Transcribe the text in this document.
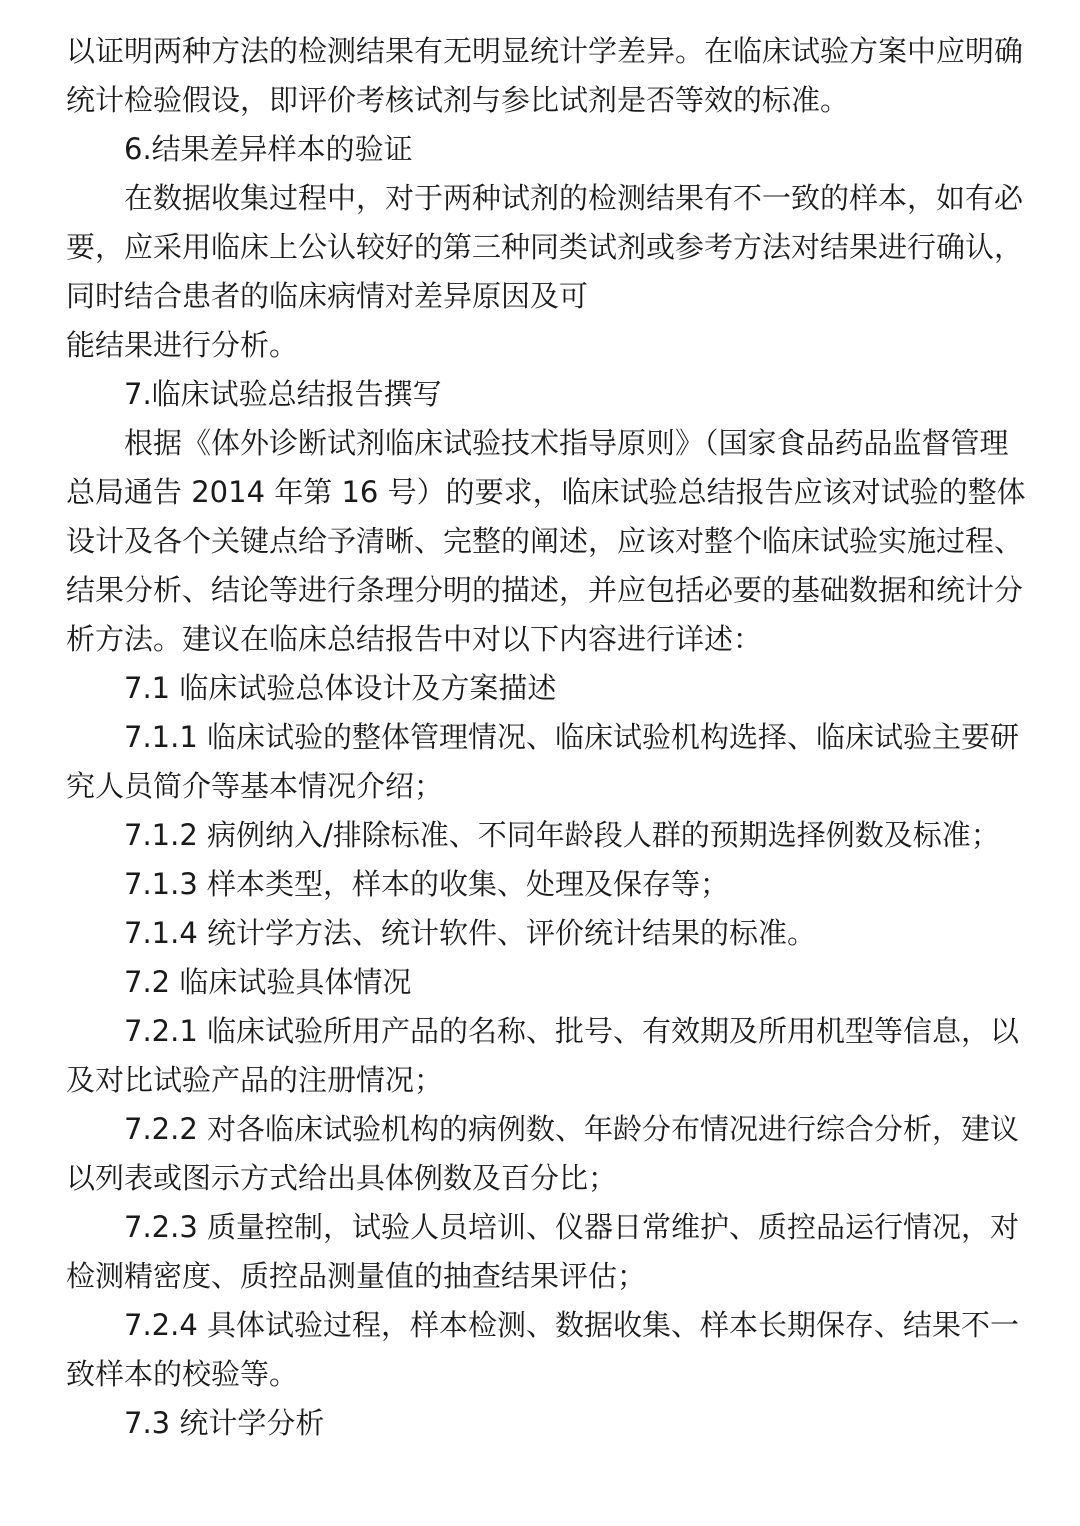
以证明两种方法的检测结果有无明显统计学差异。在临床试验方案中应明确
统计检验假设，即评价考核试剂与参比试剂是否等效的标准。
6.结果差异样本的验证
在数据收集过程中，对于两种试剂的检测结果有不一致的样本，如有必
要，应采用临床上公认较好的第三种同类试剂或参考方法对结果进行确认，
同时结合患者的临床病情对差异原因及可
能结果进行分析。
7.临床试验总结报告撰写
根据《体外诊断试剂临床试验技术指导原则》（国家食品药品监督管理
总局通告 2014 年第 16 号）的要求，临床试验总结报告应该对试验的整体
设计及各个关键点给予清晰、完整的阐述，应该对整个临床试验实施过程、
结果分析、结论等进行条理分明的描述，并应包括必要的基础数据和统计分
析方法。建议在临床总结报告中对以下内容进行详述：
7.1 临床试验总体设计及方案描述
7.1.1 临床试验的整体管理情况、临床试验机构选择、临床试验主要研
究人员简介等基本情况介绍；
7.1.2 病例纳入/排除标准、不同年龄段人群的预期选择例数及标准；
7.1.3 样本类型，样本的收集、处理及保存等；
7.1.4 统计学方法、统计软件、评价统计结果的标准。
7.2 临床试验具体情况
7.2.1 临床试验所用产品的名称、批号、有效期及所用机型等信息，以
及对比试验产品的注册情况；
7.2.2 对各临床试验机构的病例数、年龄分布情况进行综合分析，建议
以列表或图示方式给出具体例数及百分比；
7.2.3 质量控制，试验人员培训、仪器日常维护、质控品运行情况，对
检测精密度、质控品测量值的抽查结果评估；
7.2.4 具体试验过程，样本检测、数据收集、样本长期保存、结果不一
致样本的校验等。
7.3 统计学分析
